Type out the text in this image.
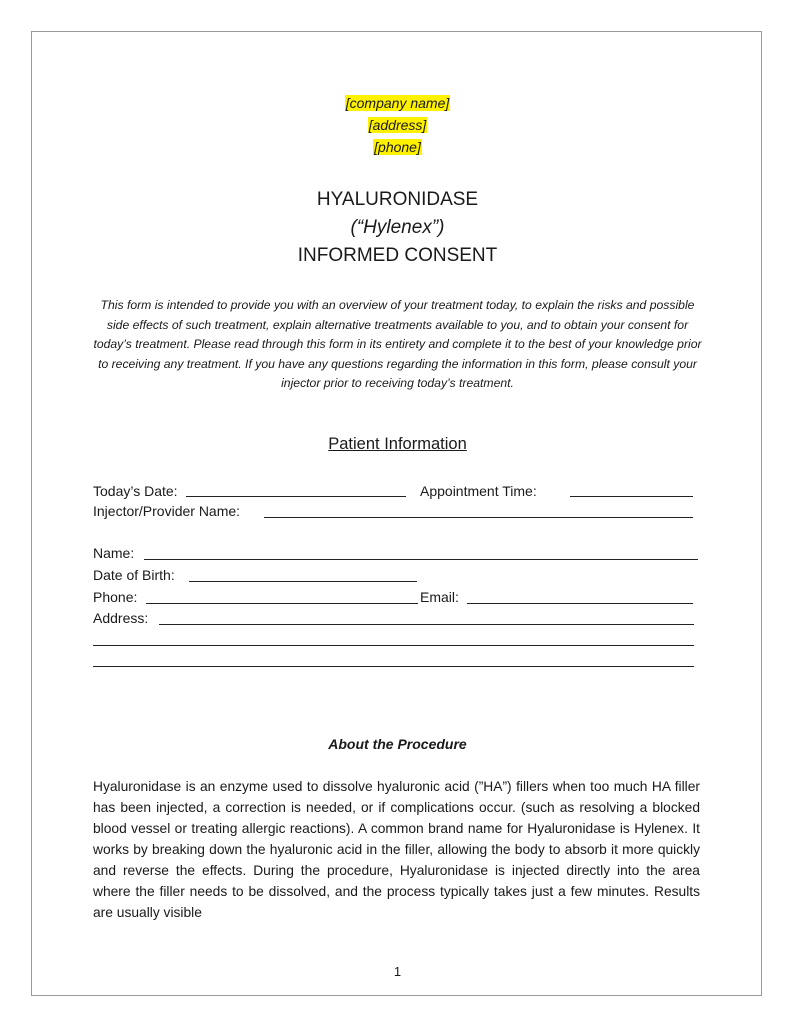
[company name]
[address]
[phone]
HYALURONIDASE
(“Hylenex”)
INFORMED CONSENT
This form is intended to provide you with an overview of your treatment today, to explain the risks and possible side effects of such treatment, explain alternative treatments available to you, and to obtain your consent for today’s treatment. Please read through this form in its entirety and complete it to the best of your knowledge prior to receiving any treatment. If you have any questions regarding the information in this form, please consult your injector prior to receiving today’s treatment.
Patient Information
Today’s Date:	Appointment Time:
Injector/Provider Name:
Name:
Date of Birth:
Phone:	Email:
Address:
About the Procedure
Hyaluronidase is an enzyme used to dissolve hyaluronic acid (”HA”) fillers when too much HA filler has been injected, a correction is needed, or if complications occur. (such as resolving a blocked blood vessel or treating allergic reactions). A common brand name for Hyaluronidase is Hylenex. It works by breaking down the hyaluronic acid in the filler, allowing the body to absorb it more quickly and reverse the effects. During the procedure, Hyaluronidase is injected directly into the area where the filler needs to be dissolved, and the process typically takes just a few minutes. Results are usually visible
1
